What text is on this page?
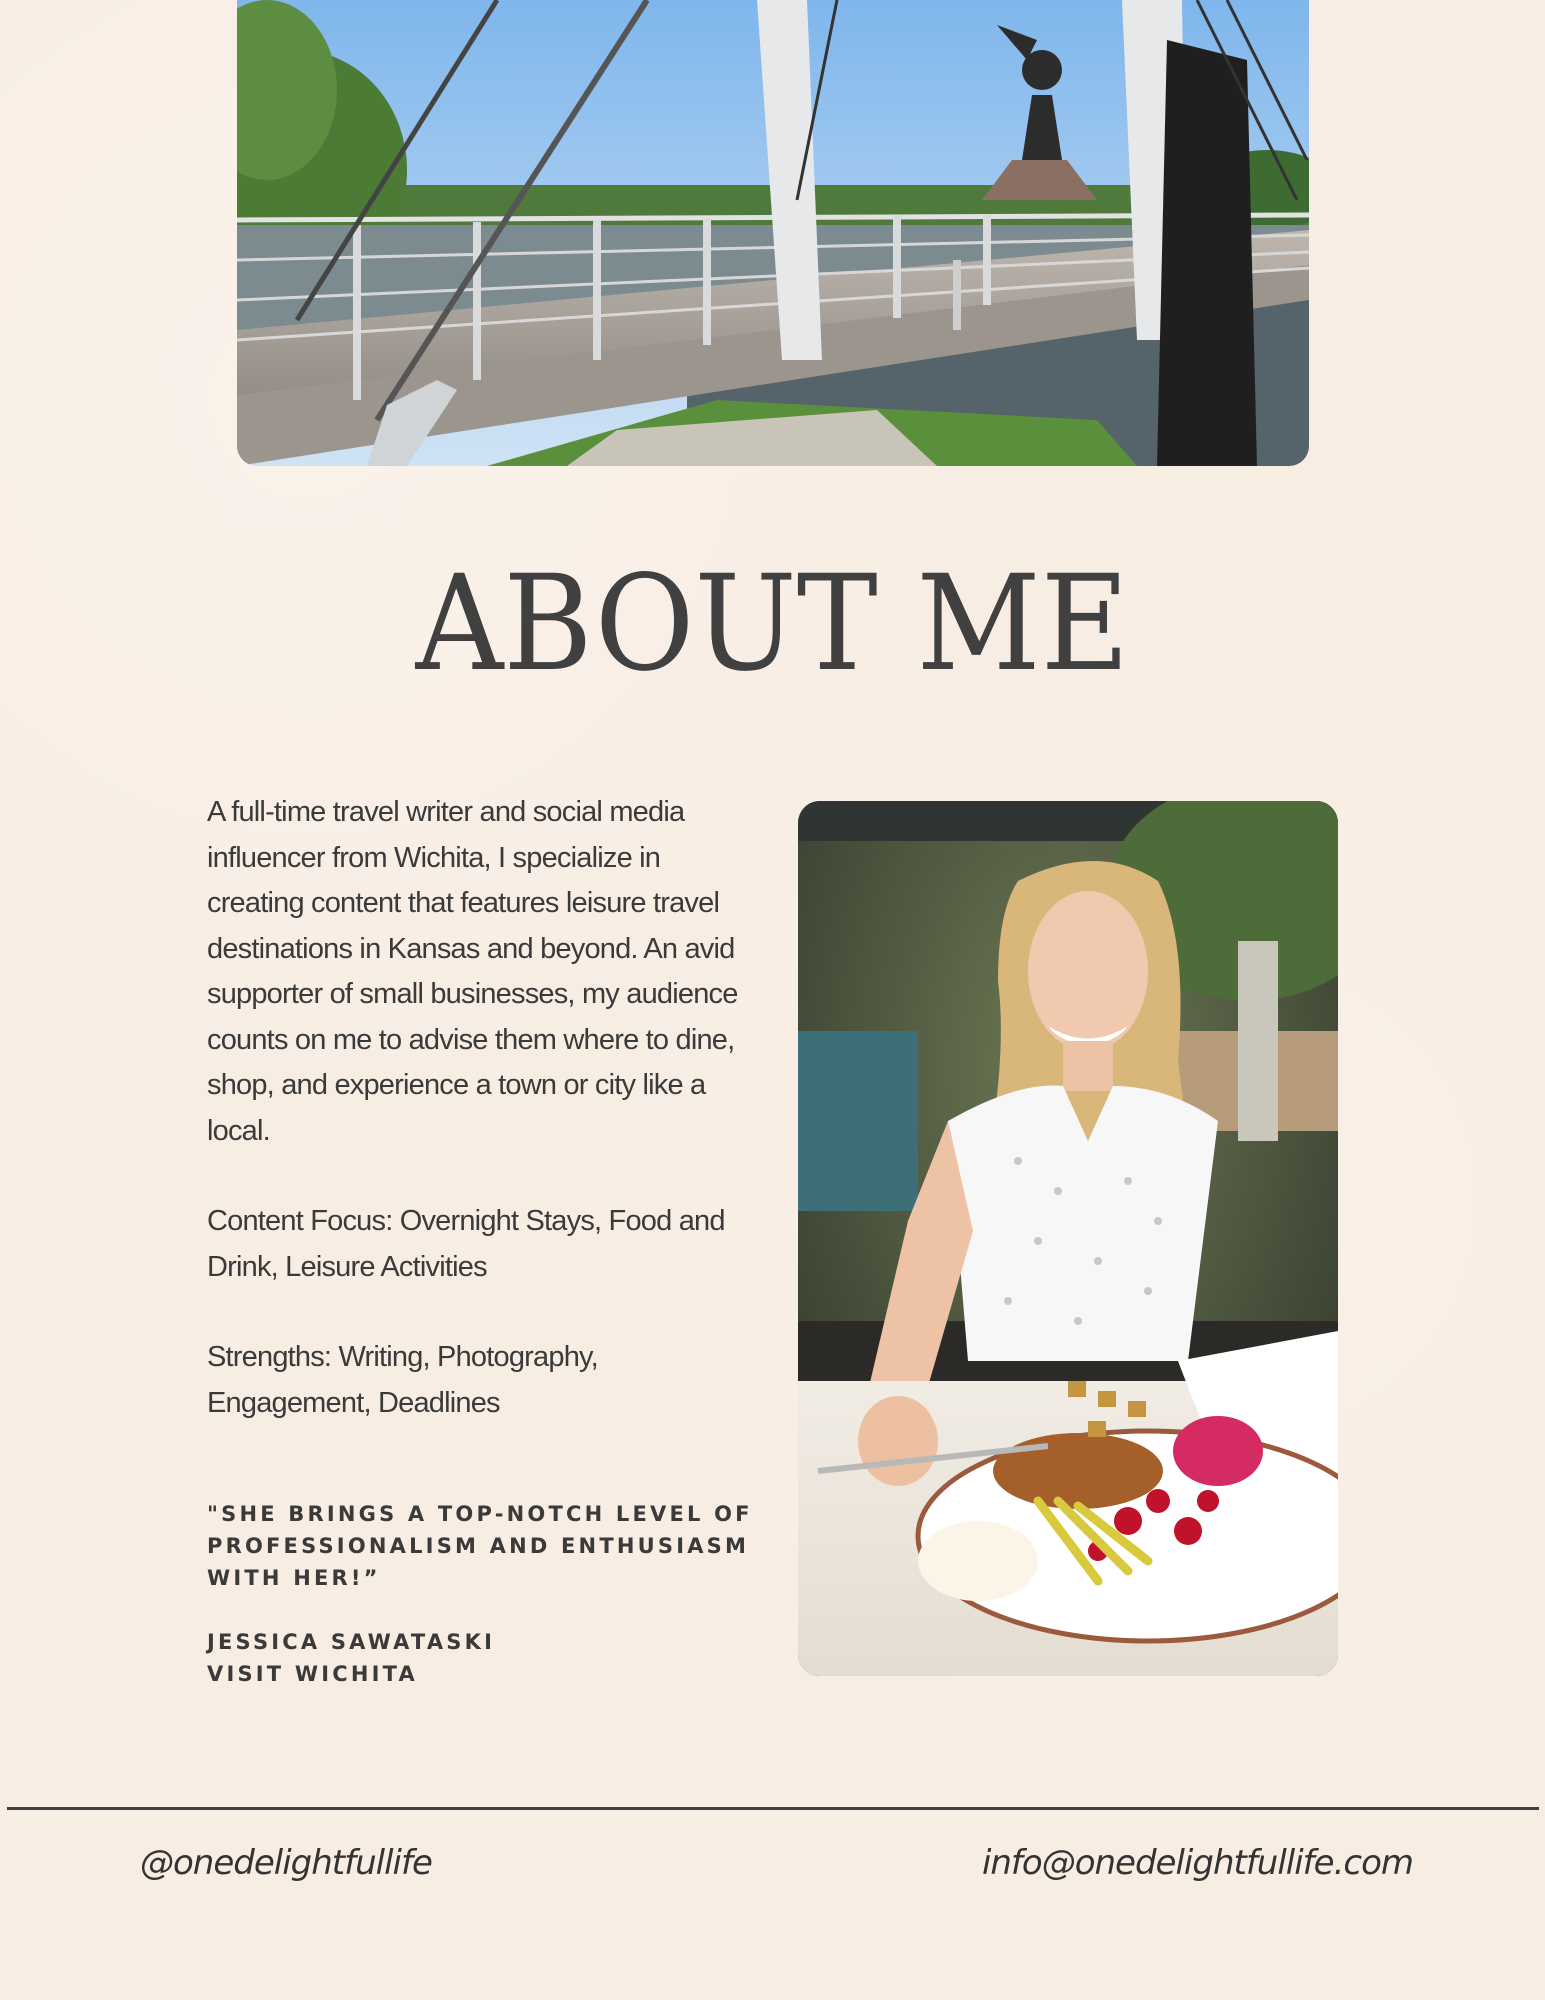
ABOUT ME

A full-time travel writer and social media influencer from Wichita, I specialize in creating content that features leisure travel destinations in Kansas and beyond. An avid supporter of small businesses, my audience counts on me to advise them where to dine, shop, and experience a town or city like a local.

Content Focus: Overnight Stays, Food and Drink, Leisure Activities

Strengths: Writing, Photography, Engagement, Deadlines

"SHE BRINGS A TOP-NOTCH LEVEL OF PROFESSIONALISM AND ENTHUSIASM WITH HER!”

JESSICA SAWATASKI
VISIT WICHITA
@onedelightfullife	info@onedelightfullife.com
